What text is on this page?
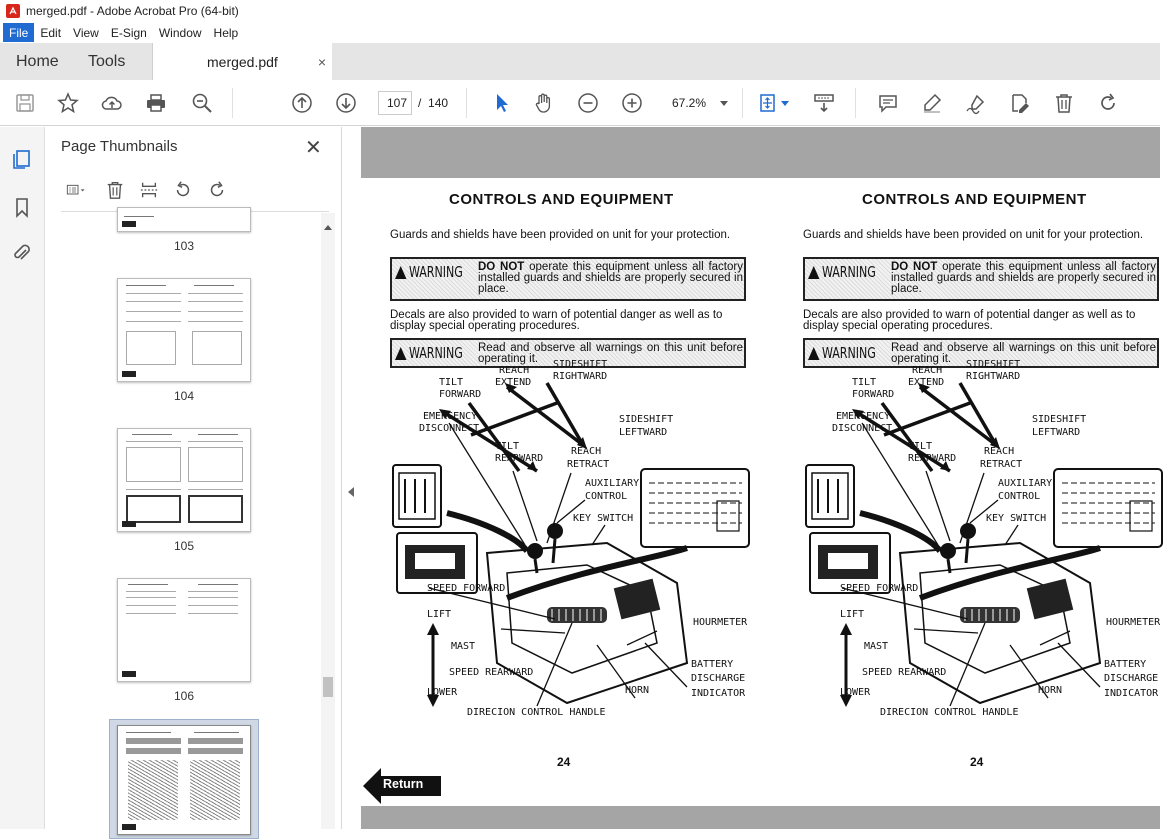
merged.pdf - Adobe Acrobat Pro (64-bit)
File	Edit	View	E-Sign	Window	Help
Home	Tools	merged.pdf	×
107 / 140	67.2%
Page Thumbnails	✕
103
104
105
106
CONTROLS AND EQUIPMENT
Guards and shields have been provided on unit for your protection.
WARNING DO NOT operate this equipment unless all factory installed guards and shields are properly secured in place.
Decals are also provided to warn of potential danger as well as to display special operating procedures.
WARNING Read and observe all warnings on this unit before operating it.
TILT
FORWARD
REACH
EXTEND
SIDESHIFT
RIGHTWARD
SIDESHIFT
LEFTWARD
EMERGENCY
DISCONNECT
TILT
REARWARD
REACH
RETRACT
AUXILIARY
CONTROL
KEY SWITCH
SPEED FORWARD
LIFT
MAST
SPEED REARWARD
LOWER
HOURMETER
BATTERY
DISCHARGE
INDICATOR
HORN
DIRECION CONTROL HANDLE
24
CONTROLS AND EQUIPMENT
Guards and shields have been provided on unit for your protection.
WARNING DO NOT operate this equipment unless all factory installed guards and shields are properly secured in place.
Decals are also provided to warn of potential danger as well as to display special operating procedures.
WARNING Read and observe all warnings on this unit before operating it.
TILT
FORWARD
REACH
EXTEND
SIDESHIFT
RIGHTWARD
SIDESHIFT
LEFTWARD
EMERGENCY
DISCONNECT
TILT
REARWARD
REACH
RETRACT
AUXILIARY
CONTROL
KEY SWITCH
SPEED FORWARD
LIFT
MAST
SPEED REARWARD
LOWER
HOURMETER
BATTERY
DISCHARGE
INDICATOR
HORN
DIRECION CONTROL HANDLE
24
Return
